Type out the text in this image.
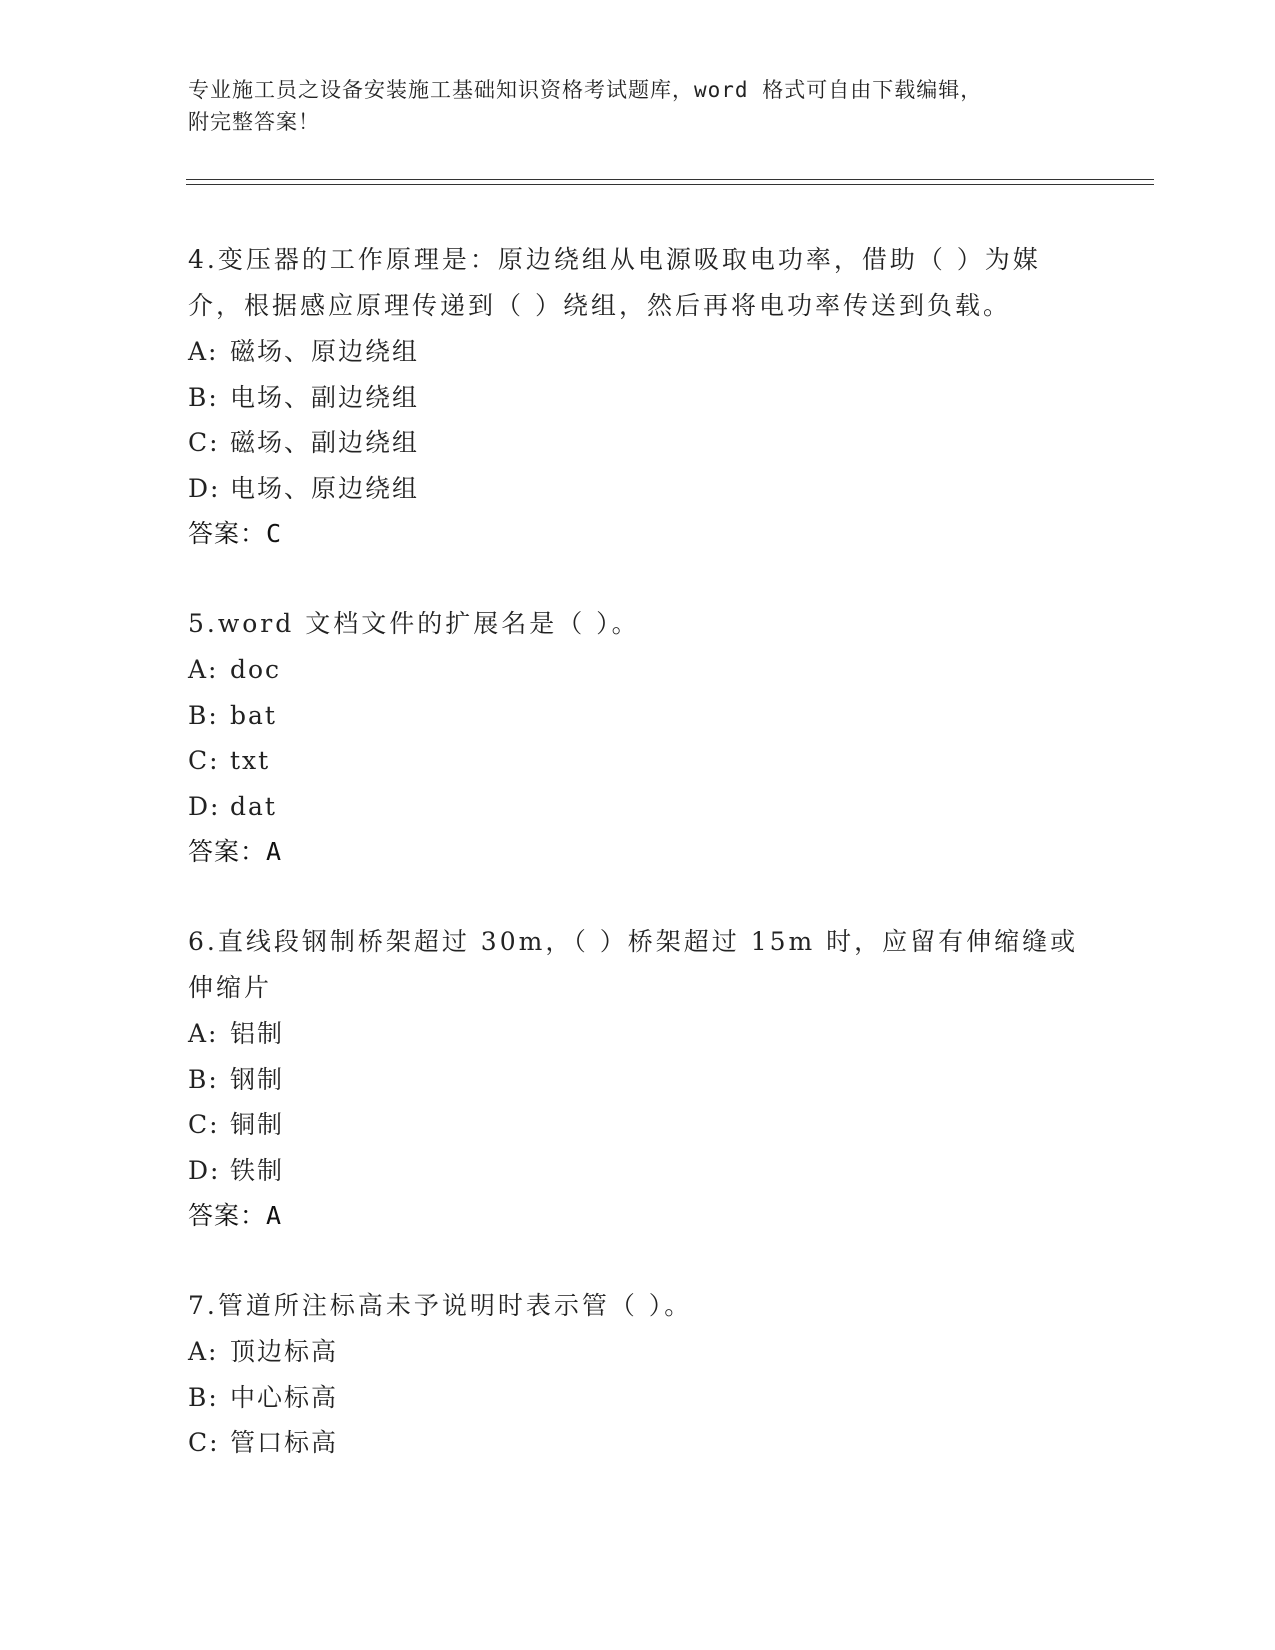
专业施工员之设备安装施工基础知识资格考试题库，word 格式可自由下载编辑，
附完整答案！

4.变压器的工作原理是：原边绕组从电源吸取电功率，借助（ ）为媒介，根据感应原理传递到（ ）绕组，然后再将电功率传送到负载。

A: 磁场、原边绕组

B: 电场、副边绕组

C: 磁场、副边绕组

D: 电场、原边绕组

答案：C

5.word 文档文件的扩展名是（ ）。

A: doc

B: bat

C: txt

D: dat

答案：A

6.直线段钢制桥架超过 30m，（ ）桥架超过 15m 时，应留有伸缩缝或伸缩片

A: 铝制

B: 钢制

C: 铜制

D: 铁制

答案：A

7.管道所注标高未予说明时表示管（ ）。

A: 顶边标高

B: 中心标高

C: 管口标高
